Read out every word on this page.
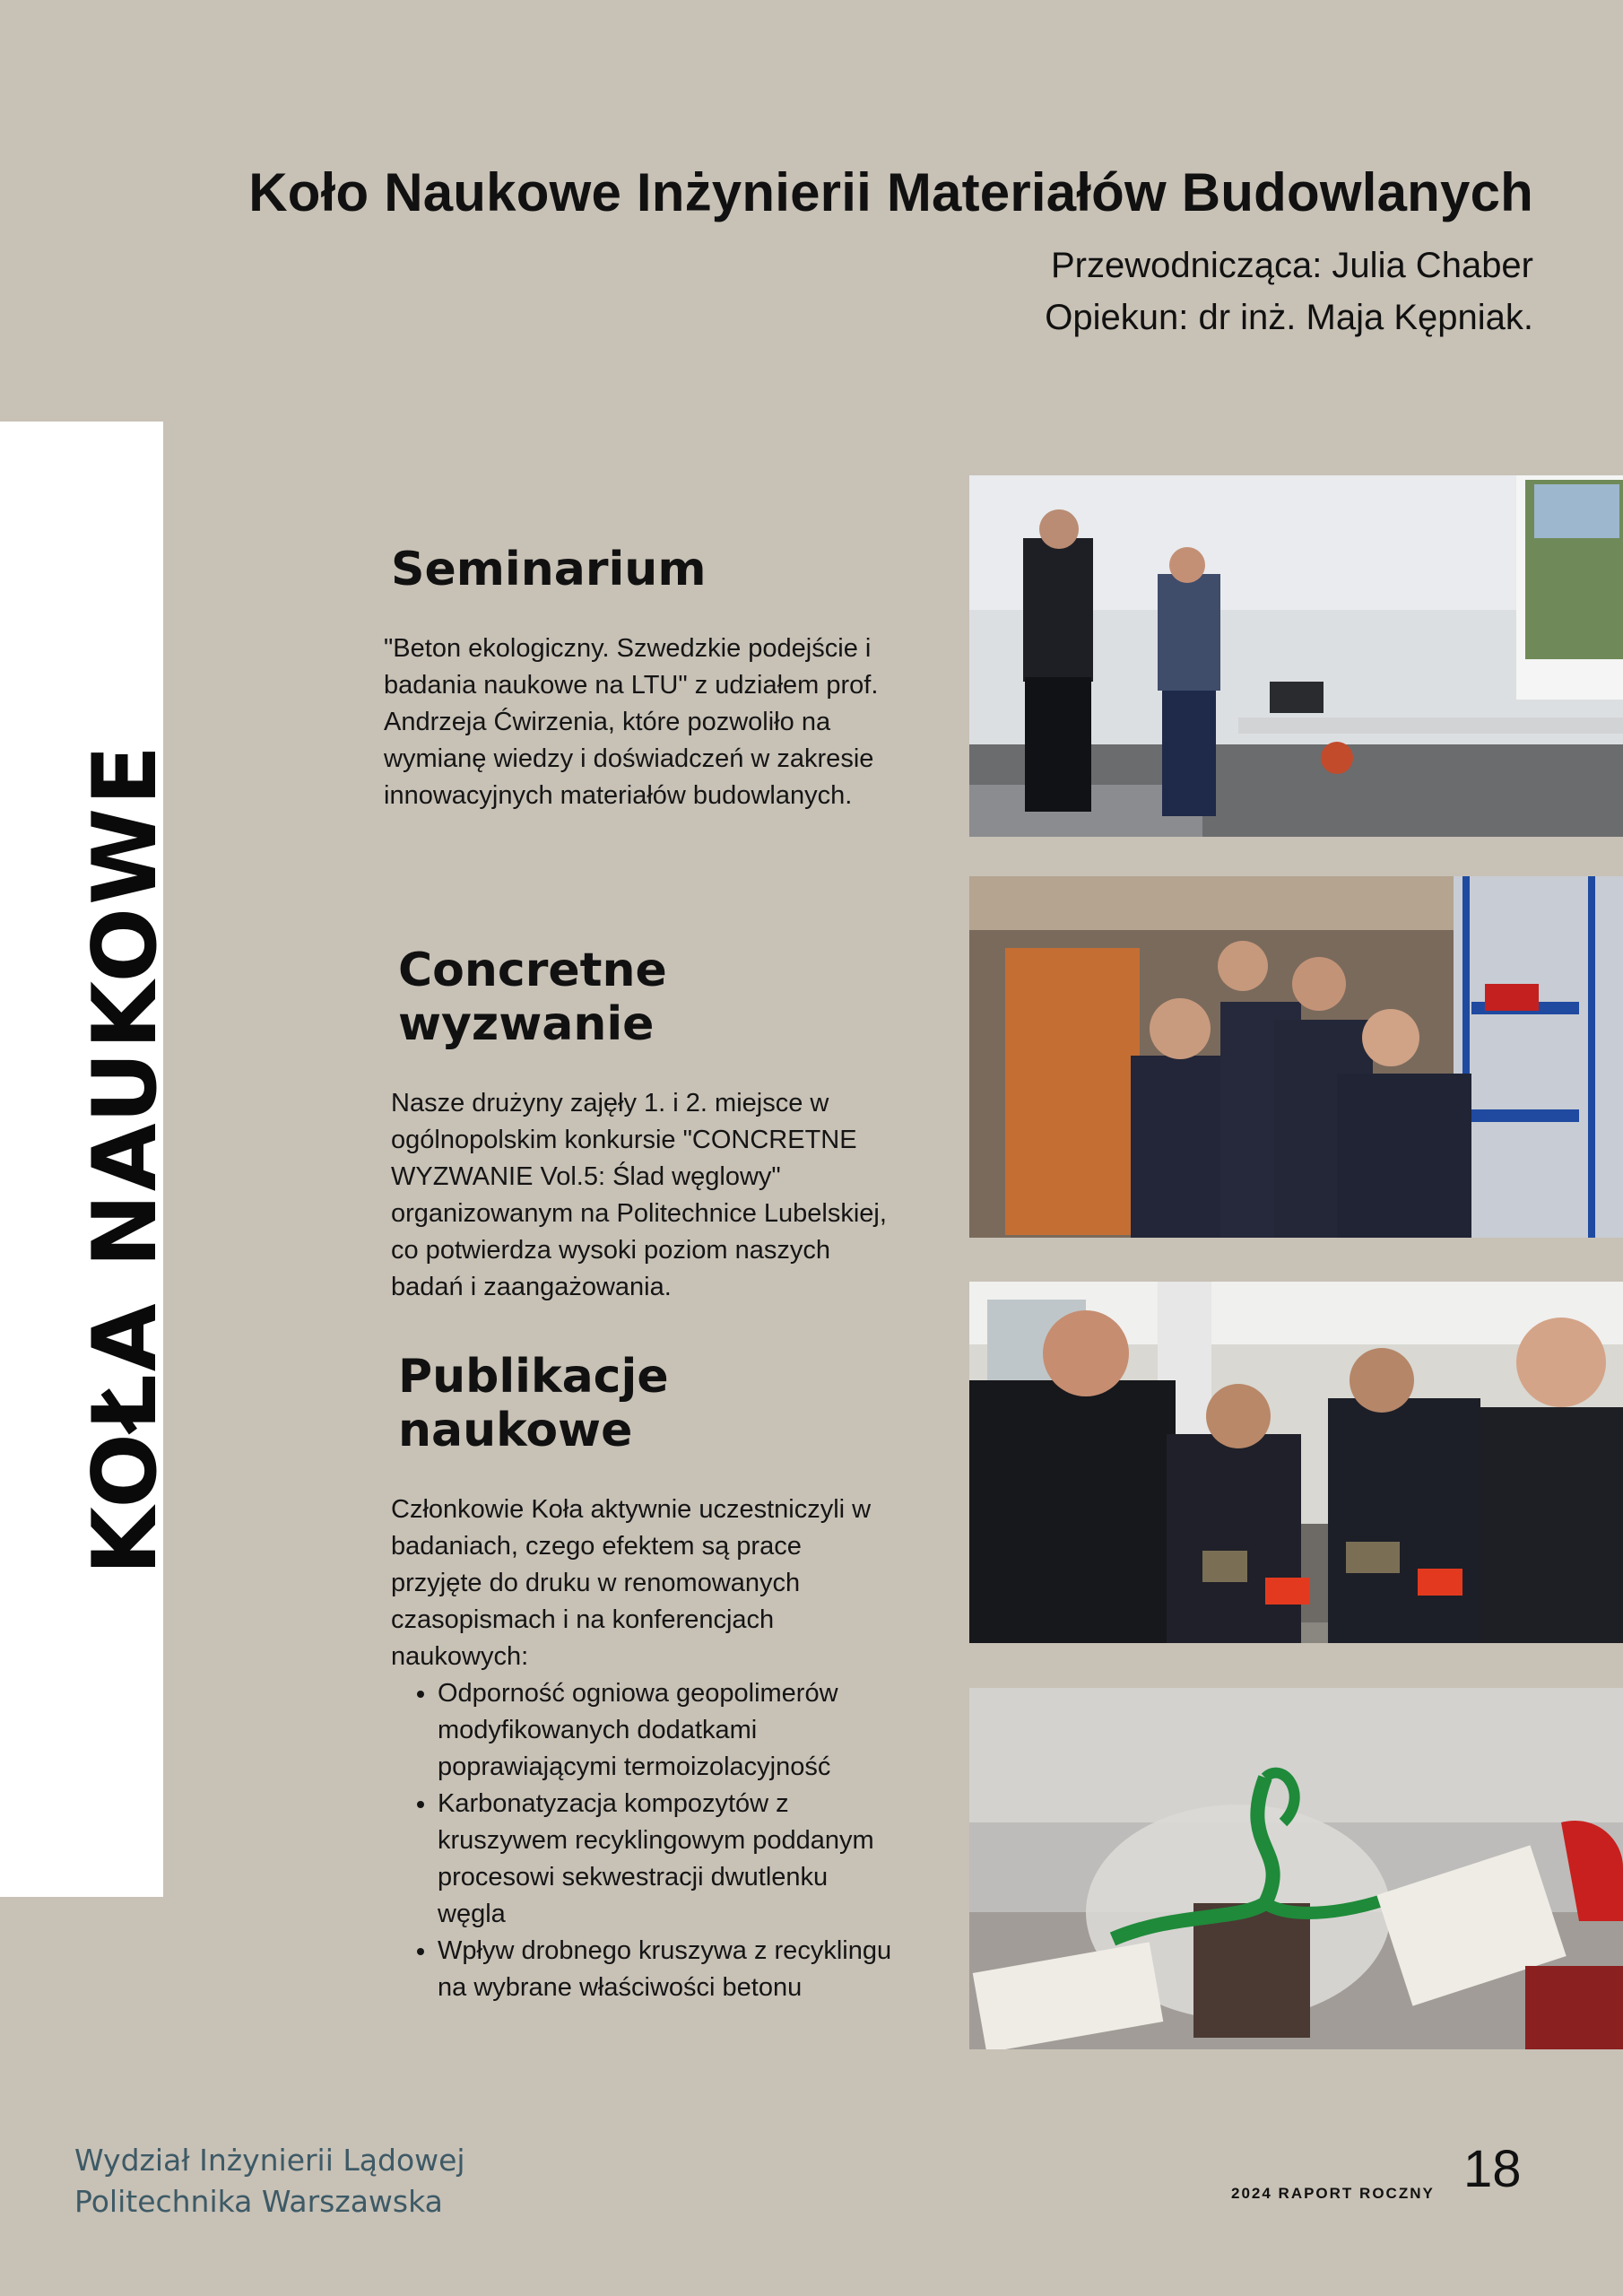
Koło Naukowe Inżynierii Materiałów Budowlanych
Przewodnicząca: Julia Chaber
Opiekun: dr inż. Maja Kępniak.
KOŁA NAUKOWE
Seminarium

"Beton ekologiczny. Szwedzkie podejście i badania naukowe na LTU" z udziałem prof. Andrzeja Ćwirzenia, które pozwoliło na wymianę wiedzy i doświadczeń w zakresie innowacyjnych materiałów budowlanych.

Concretne wyzwanie

Nasze drużyny zajęły 1. i 2. miejsce w ogólnopolskim konkursie "CONCRETNE WYZWANIE Vol.5: Ślad węglowy" organizowanym na Politechnice Lubelskiej, co potwierdza wysoki poziom naszych badań i zaangażowania.

Publikacje naukowe

Członkowie Koła aktywnie uczestniczyli w badaniach, czego efektem są prace przyjęte do druku w renomowanych czasopismach i na konferencjach naukowych:

• Odporność ogniowa geopolimerów modyfikowanych dodatkami poprawiającymi termoizolacyjność
• Karbonatyzacja kompozytów z kruszywem recyklingowym poddanym procesowi sekwestracji dwutlenku węgla
• Wpływ drobnego kruszywa z recyklingu na wybrane właściwości betonu
Wydział Inżynierii Lądowej
Politechnika Warszawska	2024 RAPORT ROCZNY 18
